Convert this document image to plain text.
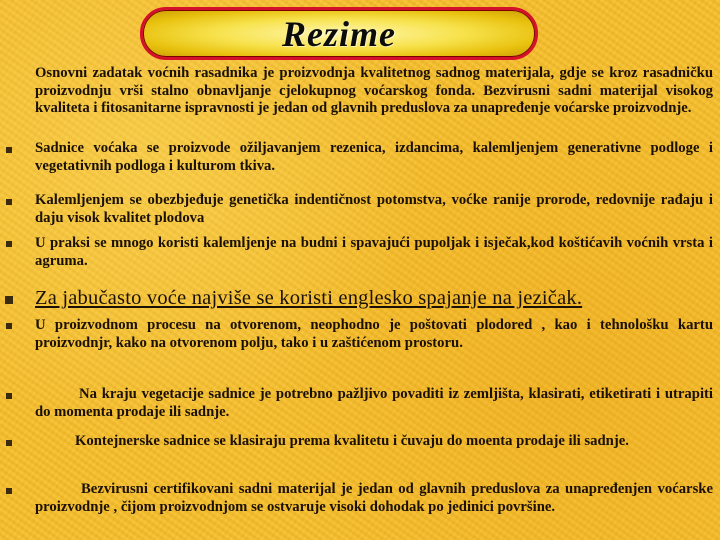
Rezime

Osnovni zadatak voćnih rasadnika je proizvodnja kvalitetnog sadnog materijala, gdje se kroz rasadničku proizvodnju vrši stalno obnavljanje cjelokupnog voćarskog fonda. Bezvirusni sadni materijal visokog kvaliteta i fitosanitarne ispravnosti je jedan od glavnih preduslova za unapređenje voćarske proizvodnje.

Sadnice voćaka se proizvode ožiljavanjem rezenica, izdancima, kalemljenjem generativne podloge i vegetativnih podloga i kulturom tkiva.

Kalemljenjem se obezbjeđuje genetička indentičnost potomstva, voćke ranije prorode, redovnije rađaju i daju visok kvalitet plodova

U praksi se mnogo koristi kalemljenje na budni i spavajući pupoljak i isječak,kod koštićavih voćnih vrsta i agruma.

Za jabučasto voće najviše se koristi englesko spajanje na jezičak.

U proizvodnom procesu na otvorenom, neophodno je poštovati plodored , kao i tehnološku kartu proizvodnjr, kako na otvorenom polju, tako i u zaštićenom prostoru.

Na kraju vegetacije sadnice je potrebno pažljivo povaditi iz zemljišta, klasirati, etiketirati i utrapiti do momenta prodaje ili sadnje.

Kontejnerske sadnice se klasiraju prema kvalitetu i čuvaju do moenta prodaje ili sadnje.

Bezvirusni certifikovani sadni materijal je jedan od glavnih preduslova za unapređenjen voćarske proizvodnje , čijom proizvodnjom se ostvaruje visoki dohodak po jedinici površine.
